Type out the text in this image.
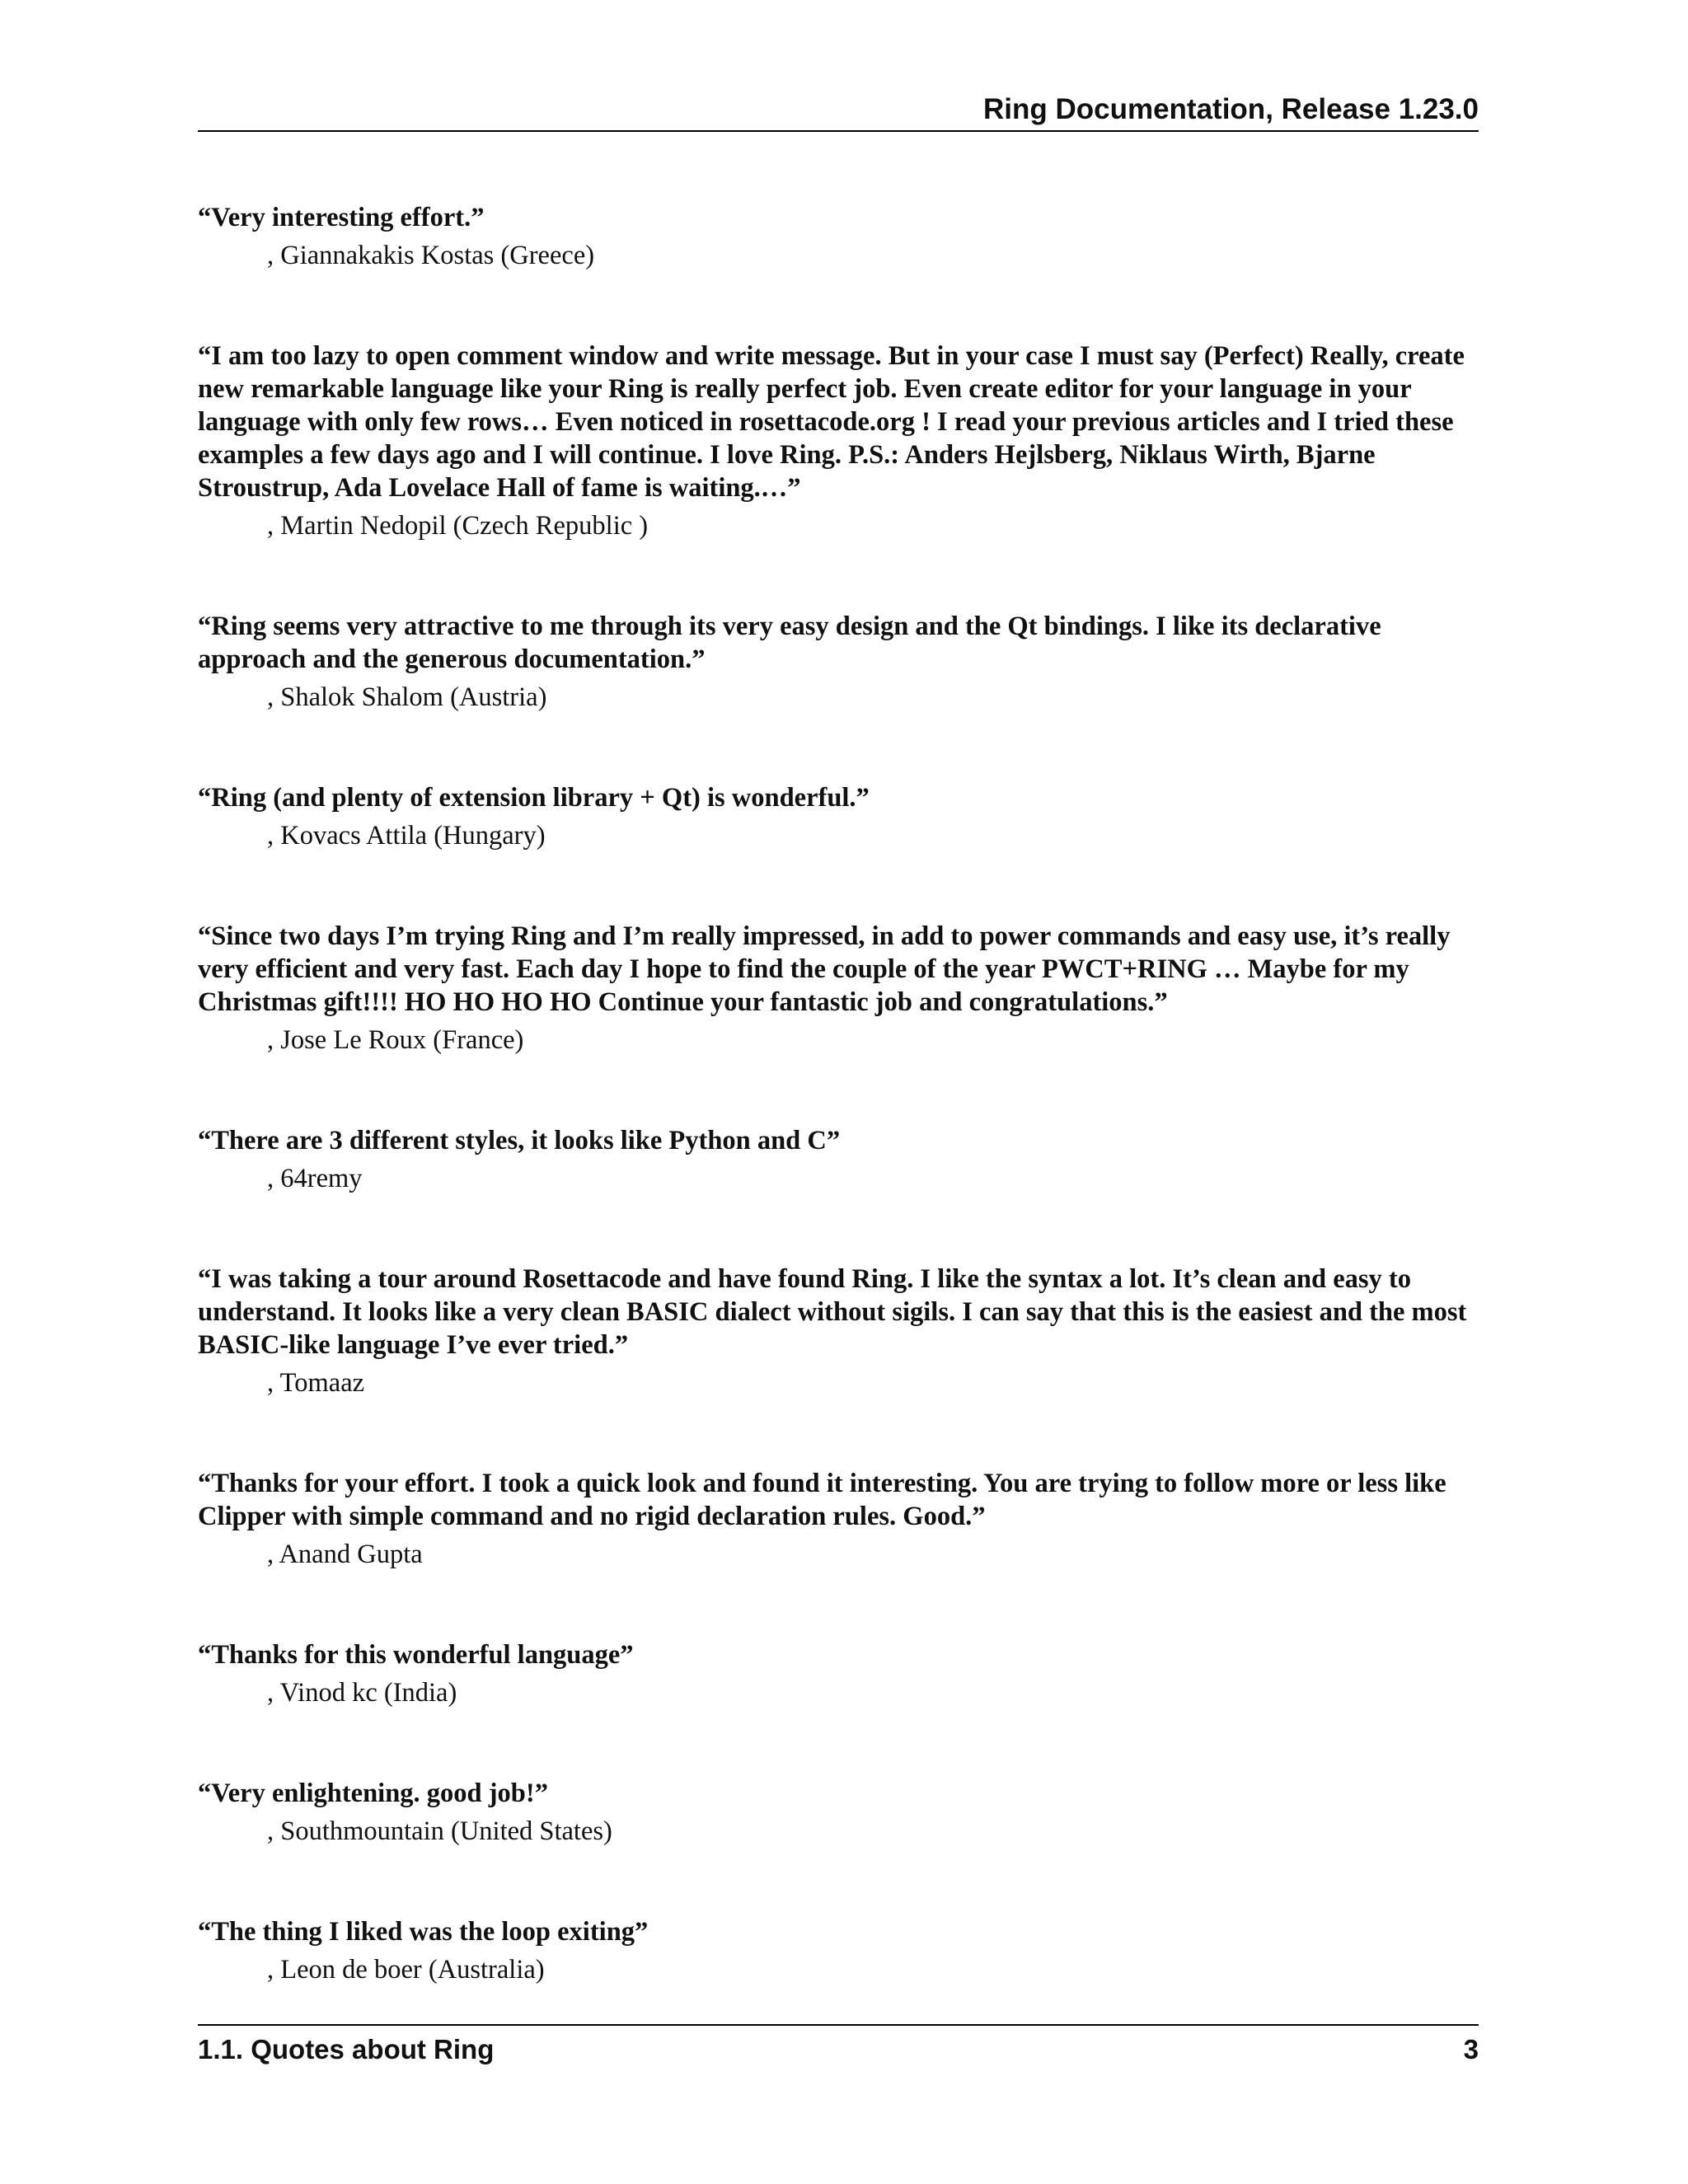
Ring Documentation, Release 1.23.0

“Very interesting effort.”

, Giannakakis Kostas (Greece)

“I am too lazy to open comment window and write message. But in your case I must say (Perfect) Really, create new remarkable language like your Ring is really perfect job. Even create editor for your language in your language with only few rows… Even noticed in rosettacode.org ! I read your previous articles and I tried these examples a few days ago and I will continue. I love Ring. P.S.: Anders Hejlsberg, Niklaus Wirth, Bjarne Stroustrup, Ada Lovelace Hall of fame is waiting.…”

, Martin Nedopil (Czech Republic )

“Ring seems very attractive to me through its very easy design and the Qt bindings. I like its declarative approach and the generous documentation.”

, Shalok Shalom (Austria)

“Ring (and plenty of extension library + Qt) is wonderful.”

, Kovacs Attila (Hungary)

“Since two days I’m trying Ring and I’m really impressed, in add to power commands and easy use, it’s really very efficient and very fast. Each day I hope to find the couple of the year PWCT+RING … Maybe for my Christmas gift!!!! HO HO HO HO Continue your fantastic job and congratulations.”

, Jose Le Roux (France)

“There are 3 different styles, it looks like Python and C”

, 64remy

“I was taking a tour around Rosettacode and have found Ring. I like the syntax a lot. It’s clean and easy to understand. It looks like a very clean BASIC dialect without sigils. I can say that this is the easiest and the most BASIC-like language I’ve ever tried.”

, Tomaaz

“Thanks for your effort. I took a quick look and found it interesting. You are trying to follow more or less like Clipper with simple command and no rigid declaration rules. Good.”

, Anand Gupta

“Thanks for this wonderful language”

, Vinod kc (India)

“Very enlightening. good job!”

, Southmountain (United States)

“The thing I liked was the loop exiting”

, Leon de boer (Australia)

1.1. Quotes about Ring	3
